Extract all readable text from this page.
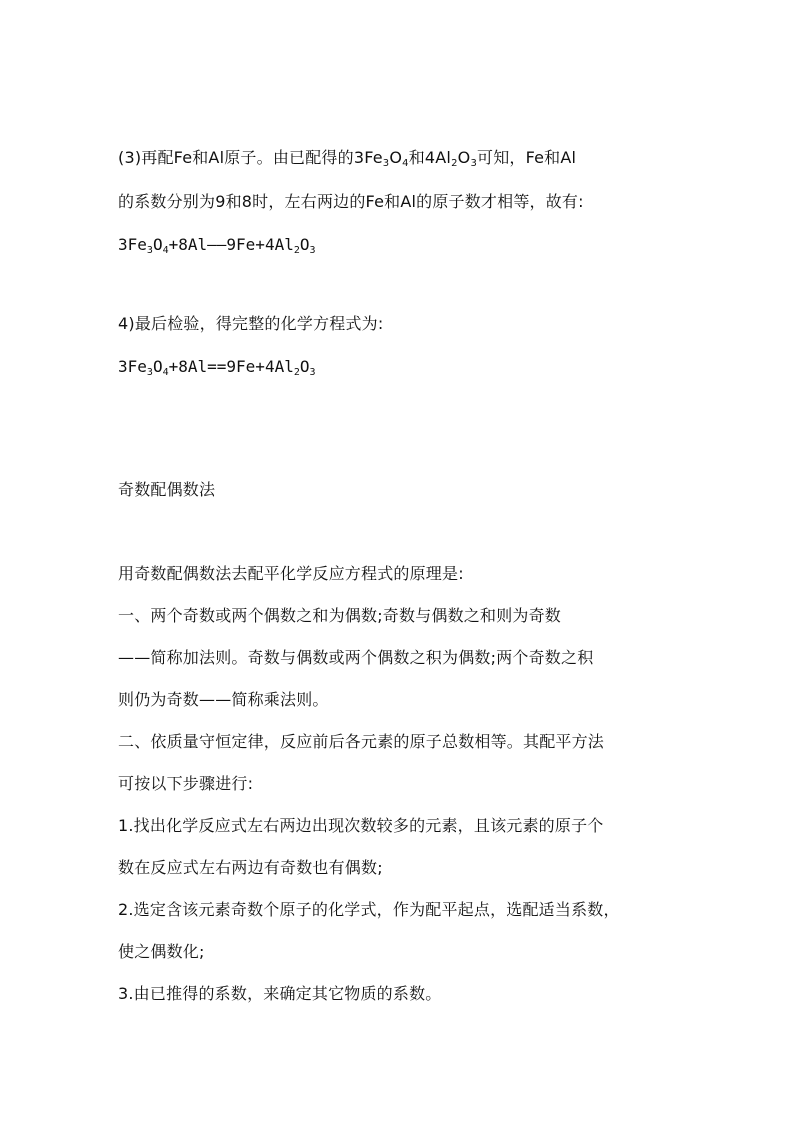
(3)再配Fe和Al原子。由已配得的$3Fe_3O_4$和$4Al_2O_3$可知，Fe和Al
的系数分别为9和8时，左右两边的Fe和Al的原子数才相等，故有:
$3Fe_3O_4+8Al——9Fe+4Al_2O_3$
4)最后检验，得完整的化学方程式为:
$3Fe_3O_4+8Al==9Fe+4Al_2O_3$
奇数配偶数法
用奇数配偶数法去配平化学反应方程式的原理是:
一、两个奇数或两个偶数之和为偶数;奇数与偶数之和则为奇数
——简称加法则。奇数与偶数或两个偶数之积为偶数;两个奇数之积
则仍为奇数——简称乘法则。
二、依质量守恒定律，反应前后各元素的原子总数相等。其配平方法
可按以下步骤进行:
1.找出化学反应式左右两边出现次数较多的元素，且该元素的原子个
数在反应式左右两边有奇数也有偶数;
2.选定含该元素奇数个原子的化学式，作为配平起点，选配适当系数，
使之偶数化;
3.由已推得的系数，来确定其它物质的系数。
